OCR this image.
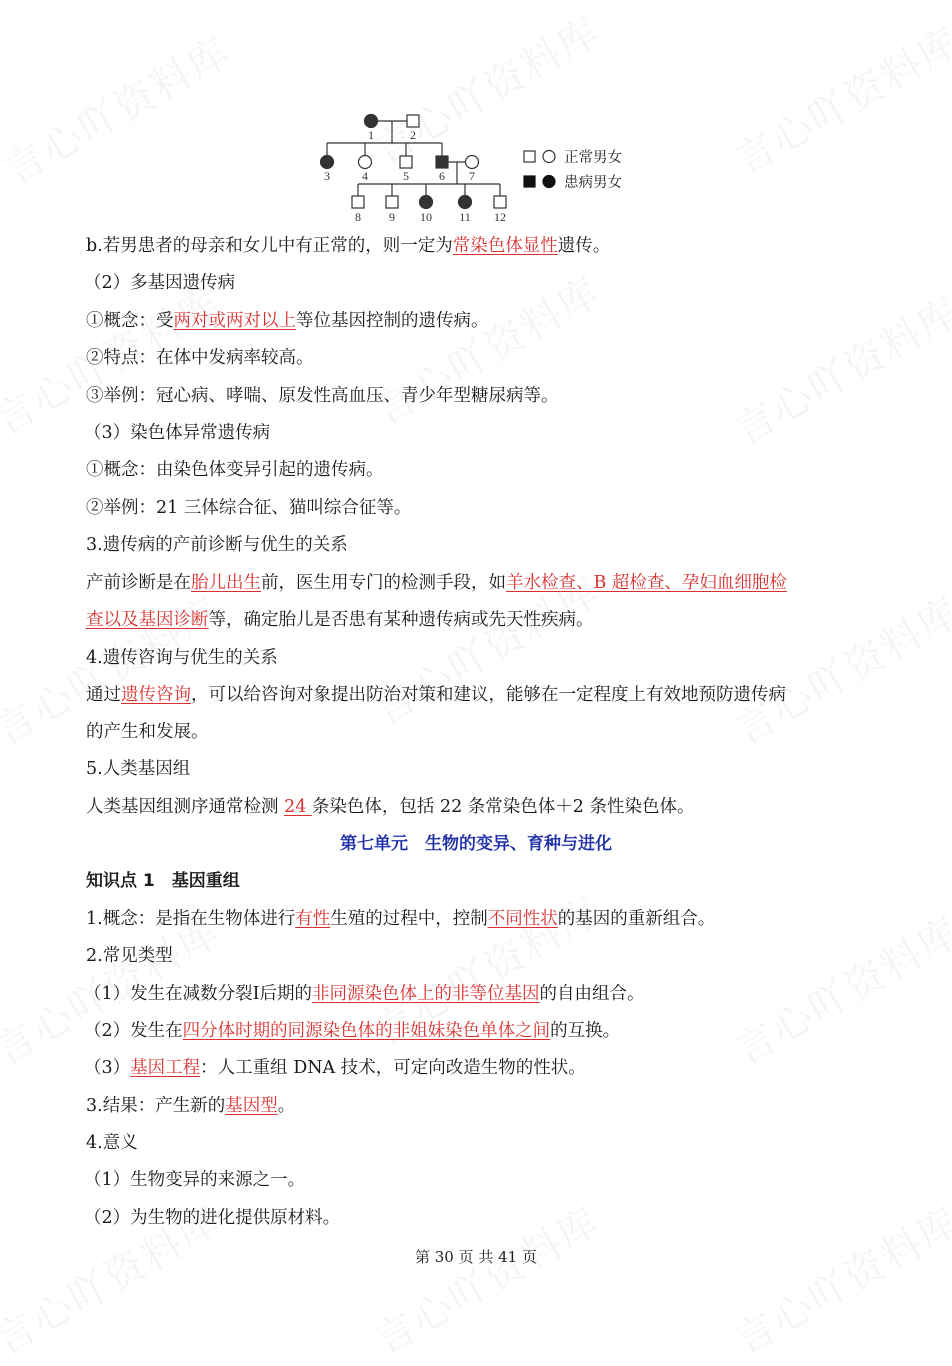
1	2
3	4	5	6 7
8 9 10 11 12
正常男女
患病男女
b.若男患者的母亲和女儿中有正常的，则一定为常染色体显性遗传。
（2）多基因遗传病
①概念：受两对或两对以上等位基因控制的遗传病。
②特点：在体中发病率较高。
③举例：冠心病、哮喘、原发性高血压、青少年型糖尿病等。
（3）染色体异常遗传病
①概念：由染色体变异引起的遗传病。
②举例：21 三体综合征、猫叫综合征等。
3.遗传病的产前诊断与优生的关系
产前诊断是在胎儿出生前，医生用专门的检测手段，如羊水检查、B 超检查、孕妇血细胞检
查以及基因诊断等，确定胎儿是否患有某种遗传病或先天性疾病。
4.遗传咨询与优生的关系
通过遗传咨询，可以给咨询对象提出防治对策和建议，能够在一定程度上有效地预防遗传病
的产生和发展。
5.人类基因组
人类基因组测序通常检测 24 条染色体，包括 22 条常染色体＋2 条性染色体。
第七单元　生物的变异、育种与进化
知识点 1　基因重组
1.概念：是指在生物体进行有性生殖的过程中，控制不同性状的基因的重新组合。
2.常见类型
（1）发生在减数分裂Ⅰ后期的非同源染色体上的非等位基因的自由组合。
（2）发生在四分体时期的同源染色体的非姐妹染色单体之间的互换。
（3）基因工程：人工重组 DNA 技术，可定向改造生物的性状。
3.结果：产生新的基因型。
4.意义
（1）生物变异的来源之一。
（2）为生物的进化提供原材料。
第 30 页 共 41 页
